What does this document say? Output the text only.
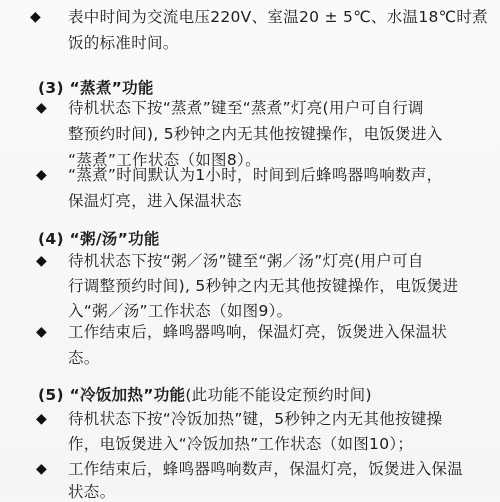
◆ 表中时间为交流电压220V、室温20 ± 5℃、水温18℃时煮
饭的标准时间。
(3) “蒸煮”功能
◆ 待机状态下按“蒸煮”键至“蒸煮”灯亮(用户可自行调
整预约时间), 5秒钟之内无其他按键操作，电饭煲进入
“蒸煮”工作状态（如图8）。
◆ “蒸煮”时间默认为1小时，时间到后蜂鸣器鸣响数声，
保温灯亮，进入保温状态
(4) “粥/汤”功能
◆ 待机状态下按“粥／汤”键至“粥／汤”灯亮(用户可自
行调整预约时间), 5秒钟之内无其他按键操作，电饭煲进
入“粥／汤”工作状态（如图9）。
◆ 工作结束后，蜂鸣器鸣响，保温灯亮，饭煲进入保温状
态。
(5) “冷饭加热”功能(此功能不能设定预约时间)
◆ 待机状态下按“冷饭加热”键，5秒钟之内无其他按键操
作，电饭煲进入“冷饭加热”工作状态（如图10）；
◆ 工作结束后，蜂鸣器鸣响数声，保温灯亮，饭煲进入保温
状态。
